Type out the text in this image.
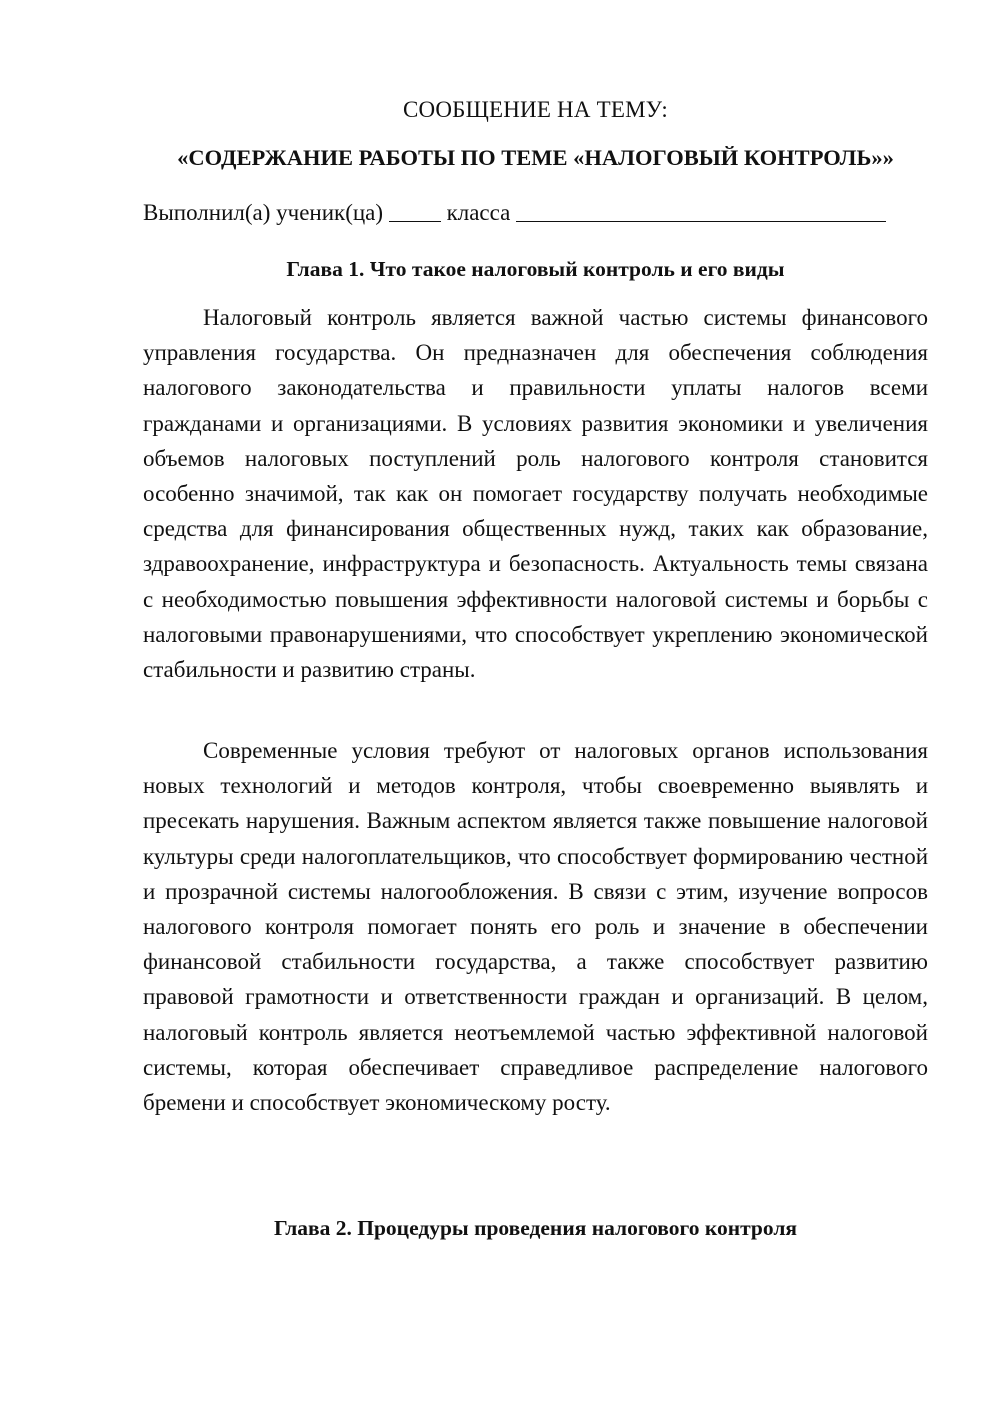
СООБЩЕНИЕ НА ТЕМУ:
«СОДЕРЖАНИЕ РАБОТЫ ПО ТЕМЕ «НАЛОГОВЫЙ КОНТРОЛЬ»»
Выполнил(а) ученик(ца)	класса
Глава 1. Что такое налоговый контроль и его виды

Налоговый контроль является важной частью системы финансового управления государства. Он предназначен для обеспечения соблюдения налогового законодательства и правильности уплаты налогов всеми гражданами и организациями. В условиях развития экономики и увеличения объемов налоговых поступлений роль налогового контроля становится особенно значимой, так как он помогает государству получать необходимые средства для финансирования общественных нужд, таких как образование, здравоохранение, инфраструктура и безопасность. Актуальность темы связана с необходимостью повышения эффективности налоговой системы и борьбы с налоговыми правонарушениями, что способствует укреплению экономической стабильности и развитию страны.

Современные условия требуют от налоговых органов использования новых технологий и методов контроля, чтобы своевременно выявлять и пресекать нарушения. Важным аспектом является также повышение налоговой культуры среди налогоплательщиков, что способствует формированию честной и прозрачной системы налогообложения. В связи с этим, изучение вопросов налогового контроля помогает понять его роль и значение в обеспечении финансовой стабильности государства, а также способствует развитию правовой грамотности и ответственности граждан и организаций. В целом, налоговый контроль является неотъемлемой частью эффективной налоговой системы, которая обеспечивает справедливое распределение налогового бремени и способствует экономическому росту.

Глава 2. Процедуры проведения налогового контроля
